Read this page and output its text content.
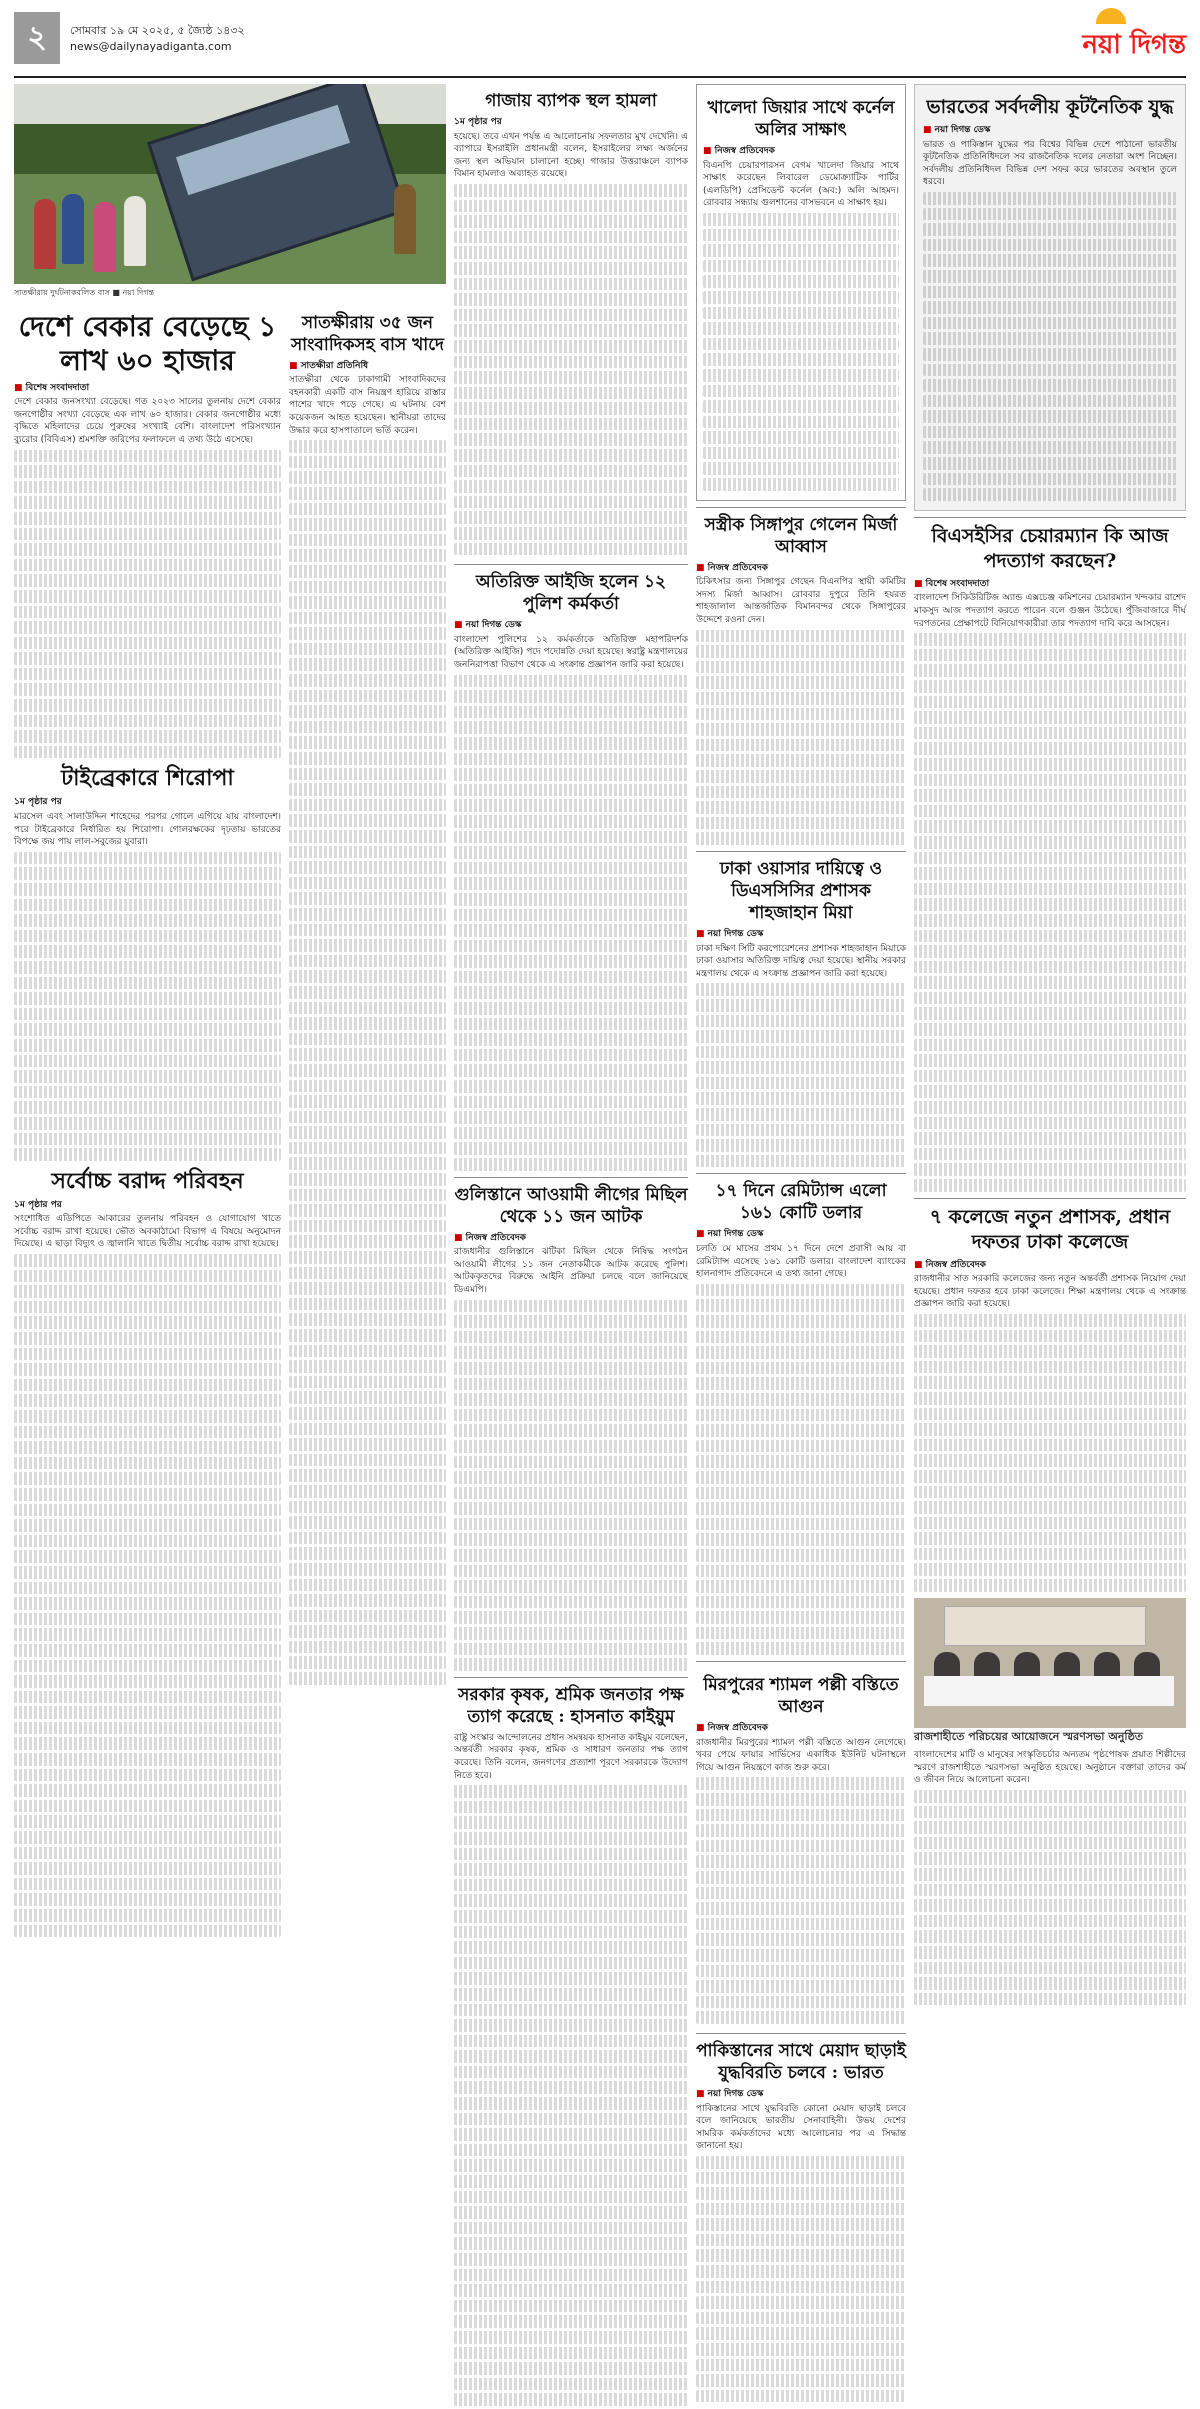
২	সোমবার ১৯ মে ২০২৫, ৫ জ্যৈষ্ঠ ১৪৩২
news@dailynayadiganta.com	নয়া দিগন্ত
সাতক্ষীরায় দুর্ঘটনাকবলিত বাস ■ নয়া দিগন্ত
দেশে বেকার বেড়েছে ১ লাখ ৬০ হাজার
■ বিশেষ সংবাদদাতা

দেশে বেকার জনসংখ্যা বেড়েছে। গত ২০২৩ সালের তুলনায় দেশে বেকার জনগোষ্ঠীর সংখ্যা বেড়েছে এক লাখ ৬০ হাজার। বেকার জনগোষ্ঠীর মধ্যে বৃদ্ধিতে মহিলাদের চেয়ে পুরুষের সংখ্যাই বেশি। বাংলাদেশ পরিসংখ্যান ব্যুরোর (বিবিএস) শ্রমশক্তি জরিপের ফলাফলে এ তথ্য উঠে এসেছে।

টাইব্রেকারে শিরোপা
১ম পৃষ্ঠার পর

মারসেল এবং সালাউদ্দিন শাহেদের পরপর গোলে এগিয়ে যায় বাংলাদেশ। পরে টাইব্রেকারে নির্ধারিত হয় শিরোপা। গোলরক্ষকের দৃঢ়তায় ভারতের বিপক্ষে জয় পায় লাল-সবুজের যুবারা।

সর্বোচ্চ বরাদ্দ পরিবহন
১ম পৃষ্ঠার পর

সংশোধিত এডিপিতে আকারের তুলনায় পরিবহন ও যোগাযোগ খাতে সর্বোচ্চ বরাদ্দ রাখা হয়েছে। ভৌত অবকাঠামো বিভাগ এ বিষয়ে অনুমোদন দিয়েছে। এ ছাড়া বিদ্যুৎ ও জ্বালানি খাতে দ্বিতীয় সর্বোচ্চ বরাদ্দ রাখা হয়েছে।

সাতক্ষীরায় ৩৫ জন সাংবাদিকসহ বাস খাদে
■ সাতক্ষীরা প্রতিনিধি

সাতক্ষীরা থেকে ঢাকাগামী সাংবাদিকদের বহনকারী একটি বাস নিয়ন্ত্রণ হারিয়ে রাস্তার পাশের খাদে পড়ে গেছে। এ ঘটনায় বেশ কয়েকজন আহত হয়েছেন। স্থানীয়রা তাদের উদ্ধার করে হাসপাতালে ভর্তি করেন।

গাজায় ব্যাপক স্থল হামলা
১ম পৃষ্ঠার পর

হয়েছে। তবে এখন পর্যন্ত এ আলোচনায় সফলতার মুখ দেখেনি। এ ব্যাপারে ইসরাইলি প্রধানমন্ত্রী বলেন, ইসরাইলের লক্ষ্য অর্জনের জন্য স্থল অভিযান চালানো হচ্ছে। গাজার উত্তরাঞ্চলে ব্যাপক বিমান হামলাও অব্যাহত রয়েছে।

অতিরিক্ত আইজি হলেন ১২ পুলিশ কর্মকর্তা
■ নয়া দিগন্ত ডেস্ক

বাংলাদেশ পুলিশের ১২ কর্মকর্তাকে অতিরিক্ত মহাপরিদর্শক (অতিরিক্ত আইজি) পদে পদোন্নতি দেয়া হয়েছে। স্বরাষ্ট্র মন্ত্রণালয়ের জননিরাপত্তা বিভাগ থেকে এ সংক্রান্ত প্রজ্ঞাপন জারি করা হয়েছে।

গুলিস্তানে আওয়ামী লীগের মিছিল থেকে ১১ জন আটক
■ নিজস্ব প্রতিবেদক

রাজধানীর গুলিস্তানে ঝটিকা মিছিল থেকে নিষিদ্ধ সংগঠন আওয়ামী লীগের ১১ জন নেতাকর্মীকে আটক করেছে পুলিশ। আটককৃতদের বিরুদ্ধে আইনি প্রক্রিয়া চলছে বলে জানিয়েছে ডিএমপি।

সরকার কৃষক, শ্রমিক জনতার পক্ষ ত্যাগ করেছে : হাসনাত কাইয়ুম

রাষ্ট্র সংস্কার আন্দোলনের প্রধান সমন্বয়ক হাসনাত কাইয়ুম বলেছেন, অন্তর্বর্তী সরকার কৃষক, শ্রমিক ও সাধারণ জনতার পক্ষ ত্যাগ করেছে। তিনি বলেন, জনগণের প্রত্যাশা পূরণে সরকারকে উদ্যোগ নিতে হবে।

খালেদা জিয়ার সাথে কর্নেল অলির সাক্ষাৎ
■ নিজস্ব প্রতিবেদক

বিএনপি চেয়ারপারসন বেগম খালেদা জিয়ার সাথে সাক্ষাৎ করেছেন লিবারেল ডেমোক্র্যাটিক পার্টির (এলডিপি) প্রেসিডেন্ট কর্নেল (অব:) অলি আহমদ। রোববার সন্ধ্যায় গুলশানের বাসভবনে এ সাক্ষাৎ হয়।

সস্ত্রীক সিঙ্গাপুর গেলেন মির্জা আব্বাস
■ নিজস্ব প্রতিবেদক

চিকিৎসার জন্য সিঙ্গাপুর গেছেন বিএনপির স্থায়ী কমিটির সদস্য মির্জা আব্বাস। রোববার দুপুরে তিনি হযরত শাহজালাল আন্তর্জাতিক বিমানবন্দর থেকে সিঙ্গাপুরের উদ্দেশে রওনা দেন।

ঢাকা ওয়াসার দায়িত্বে ও ডিএসসিসির প্রশাসক শাহজাহান মিয়া
■ নয়া দিগন্ত ডেস্ক

ঢাকা দক্ষিণ সিটি করপোরেশনের প্রশাসক শাহজাহান মিয়াকে ঢাকা ওয়াসার অতিরিক্ত দায়িত্ব দেয়া হয়েছে। স্থানীয় সরকার মন্ত্রণালয় থেকে এ সংক্রান্ত প্রজ্ঞাপন জারি করা হয়েছে।

১৭ দিনে রেমিট্যান্স এলো ১৬১ কোটি ডলার
■ নয়া দিগন্ত ডেস্ক

চলতি মে মাসের প্রথম ১৭ দিনে দেশে প্রবাসী আয় বা রেমিট্যান্স এসেছে ১৬১ কোটি ডলার। বাংলাদেশ ব্যাংকের হালনাগাদ প্রতিবেদনে এ তথ্য জানা গেছে।

মিরপুরের শ্যামল পল্লী বস্তিতে আগুন
■ নিজস্ব প্রতিবেদক

রাজধানীর মিরপুরের শ্যামল পল্লী বস্তিতে আগুন লেগেছে। খবর পেয়ে ফায়ার সার্ভিসের একাধিক ইউনিট ঘটনাস্থলে গিয়ে আগুন নিয়ন্ত্রণে কাজ শুরু করে।

পাকিস্তানের সাথে মেয়াদ ছাড়াই যুদ্ধবিরতি চলবে : ভারত
■ নয়া দিগন্ত ডেস্ক

পাকিস্তানের সাথে যুদ্ধবিরতি কোনো মেয়াদ ছাড়াই চলবে বলে জানিয়েছে ভারতীয় সেনাবাহিনী। উভয় দেশের সামরিক কর্মকর্তাদের মধ্যে আলোচনার পর এ সিদ্ধান্ত জানানো হয়।

ভারতের সর্বদলীয় কূটনৈতিক যুদ্ধ
■ নয়া দিগন্ত ডেস্ক

ভারত ও পাকিস্তান যুদ্ধের পর বিশ্বের বিভিন্ন দেশে পাঠানো ভারতীয় কূটনৈতিক প্রতিনিধিদলে সব রাজনৈতিক দলের নেতারা অংশ নিচ্ছেন। সর্বদলীয় প্রতিনিধিদল বিভিন্ন দেশ সফর করে ভারতের অবস্থান তুলে ধরবে।

বিএসইসির চেয়ারম্যান কি আজ পদত্যাগ করছেন?
■ বিশেষ সংবাদদাতা

বাংলাদেশ সিকিউরিটিজ অ্যান্ড এক্সচেঞ্জ কমিশনের চেয়ারম্যান খন্দকার রাশেদ মাকসুদ আজ পদত্যাগ করতে পারেন বলে গুঞ্জন উঠেছে। পুঁজিবাজারে দীর্ঘ দরপতনের প্রেক্ষাপটে বিনিয়োগকারীরা তার পদত্যাগ দাবি করে আসছেন।

৭ কলেজে নতুন প্রশাসক, প্রধান দফতর ঢাকা কলেজে
■ নিজস্ব প্রতিবেদক

রাজধানীর সাত সরকারি কলেজের জন্য নতুন অন্তর্বর্তী প্রশাসক নিয়োগ দেয়া হয়েছে। প্রধান দফতর হবে ঢাকা কলেজে। শিক্ষা মন্ত্রণালয় থেকে এ সংক্রান্ত প্রজ্ঞাপন জারি করা হয়েছে।

রাজশাহীতে পরিচয়ের আয়োজনে স্মরণসভা অনুষ্ঠিত

বাংলাদেশের মাটি ও মানুষের সংস্কৃতিচর্চার অন্যতম পৃষ্ঠপোষক প্রয়াত শিল্পীদের স্মরণে রাজশাহীতে স্মরণসভা অনুষ্ঠিত হয়েছে। অনুষ্ঠানে বক্তারা তাদের কর্ম ও জীবন নিয়ে আলোচনা করেন।
